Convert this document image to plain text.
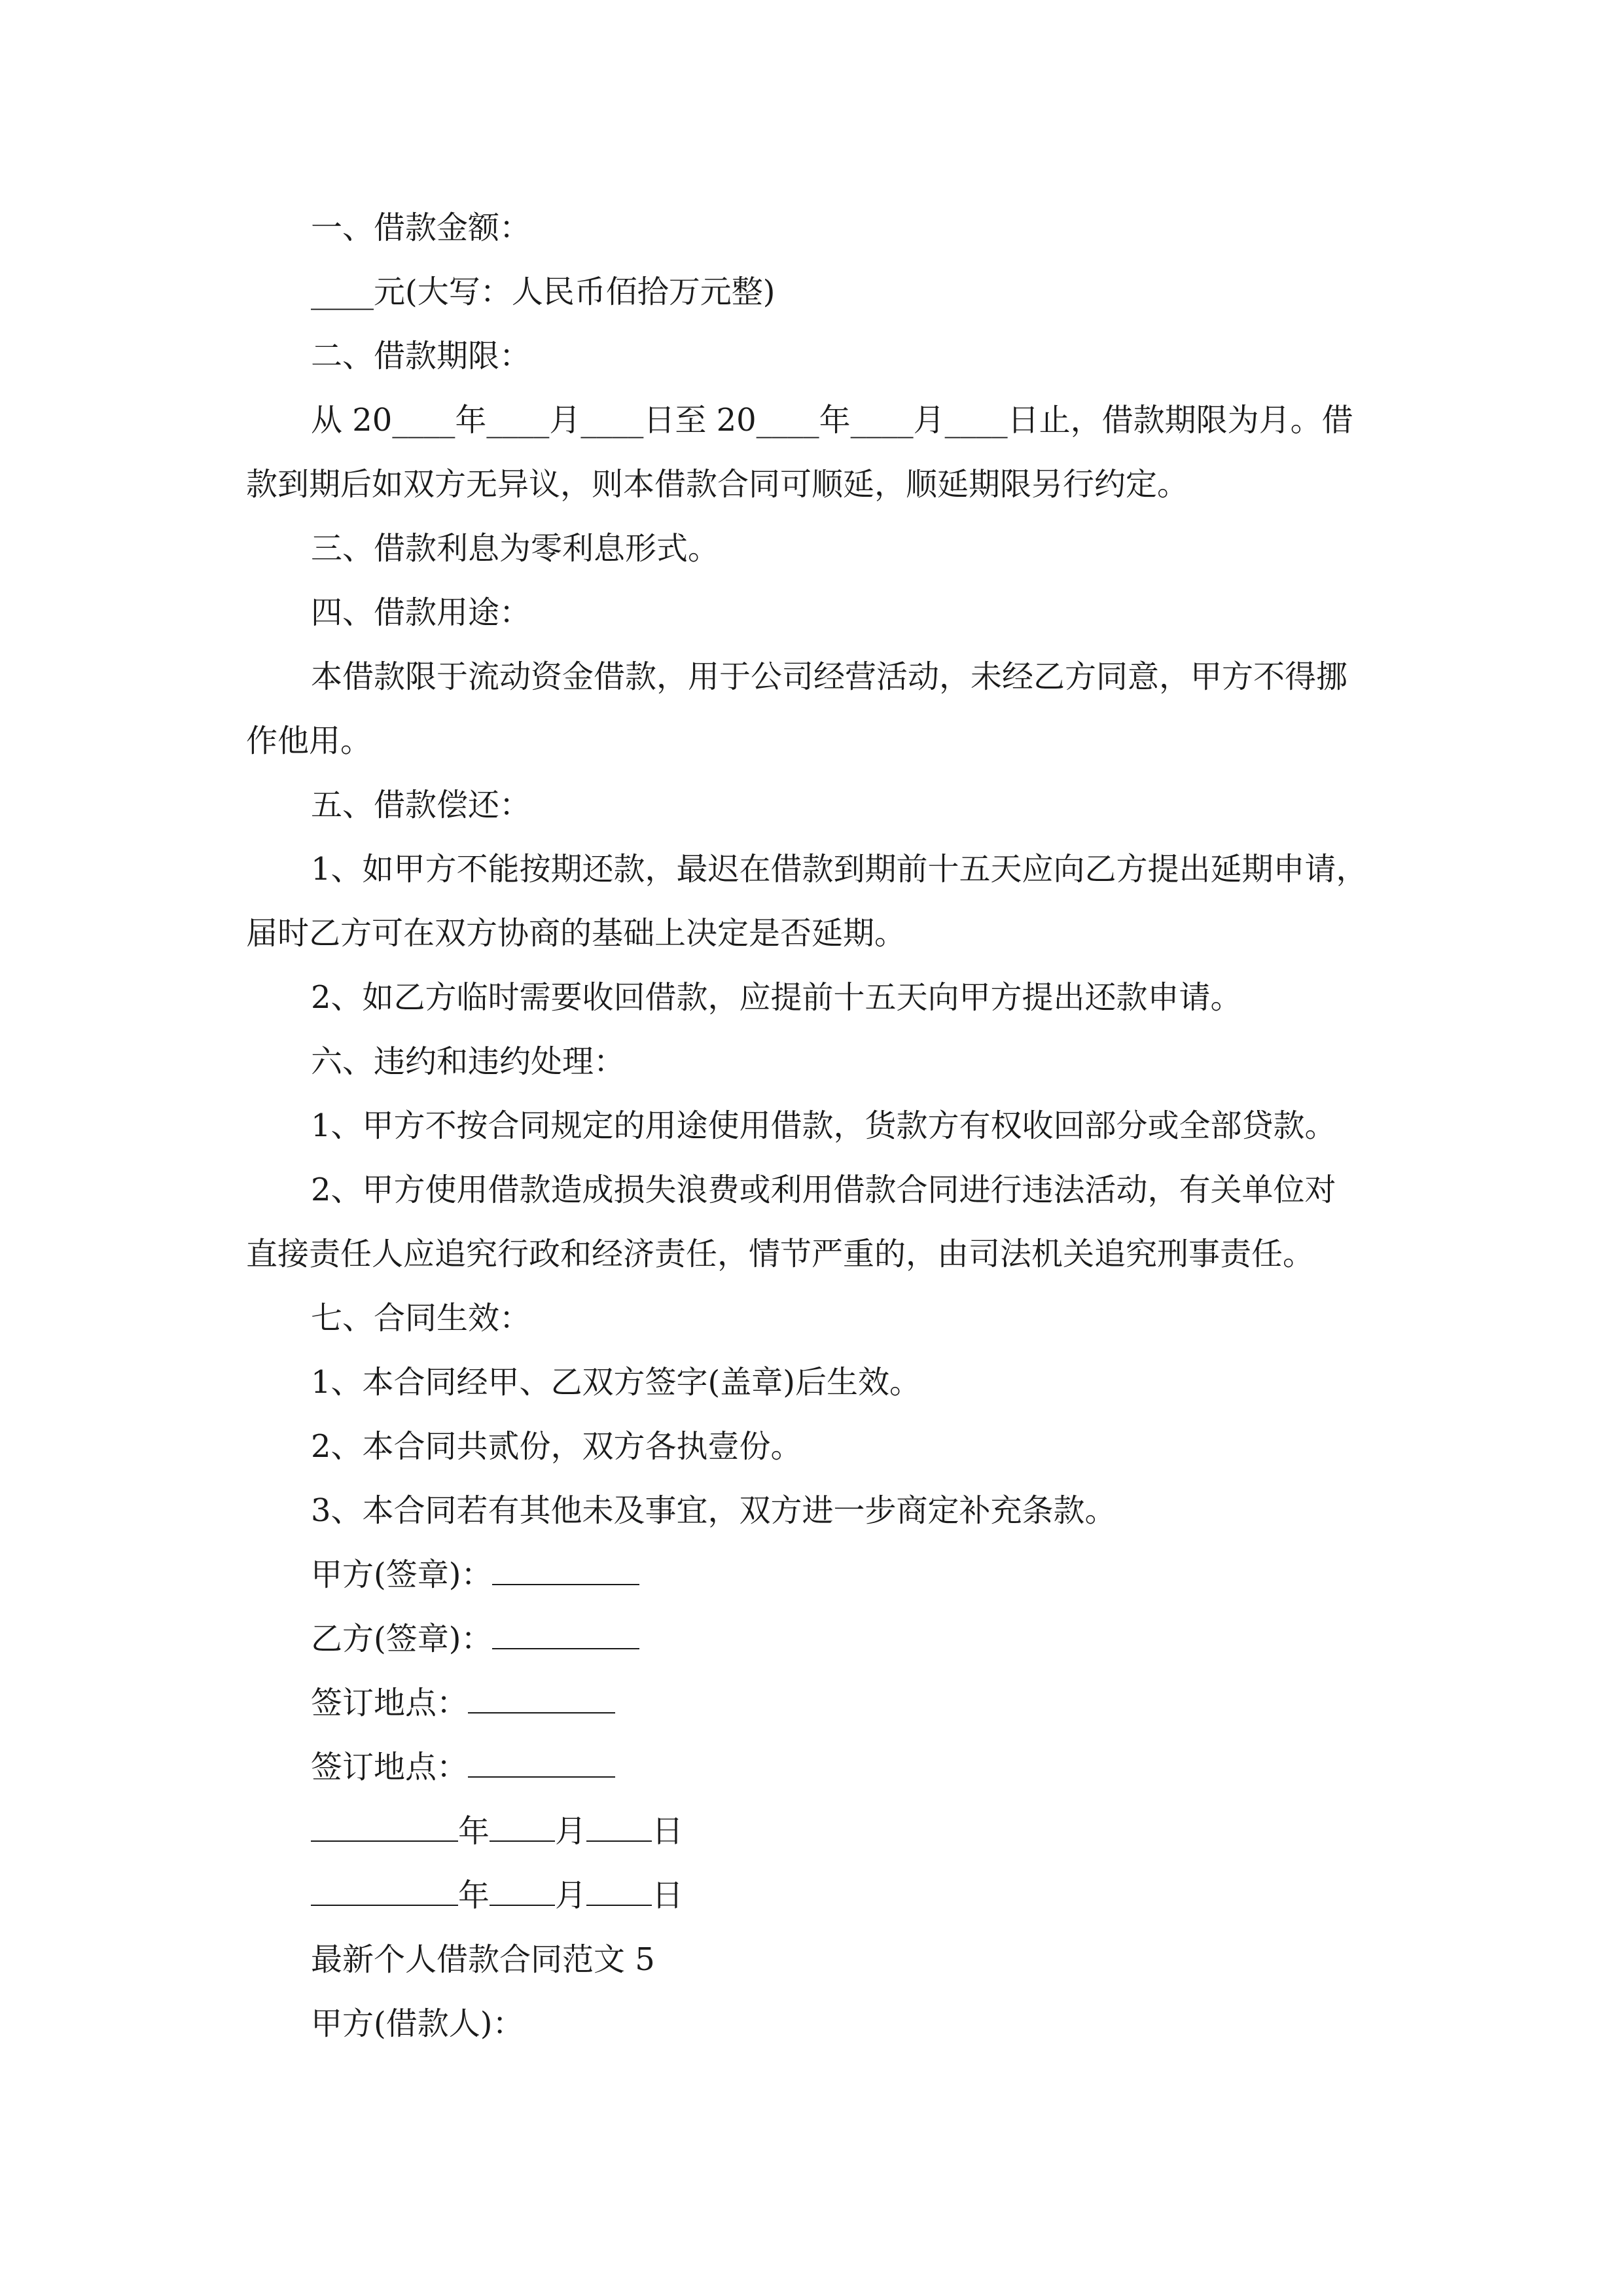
一、借款金额：
____元(大写：人民币佰拾万元整)
二、借款期限：
从 20____年____月____日至 20____年____月____日止，借款期限为月。借
款到期后如双方无异议，则本借款合同可顺延，顺延期限另行约定。
三、借款利息为零利息形式。
四、借款用途：
本借款限于流动资金借款，用于公司经营活动，未经乙方同意，甲方不得挪
作他用。
五、借款偿还：
1、如甲方不能按期还款，最迟在借款到期前十五天应向乙方提出延期申请，
届时乙方可在双方协商的基础上决定是否延期。
2、如乙方临时需要收回借款，应提前十五天向甲方提出还款申请。
六、违约和违约处理：
1、甲方不按合同规定的用途使用借款，货款方有权收回部分或全部贷款。
2、甲方使用借款造成损失浪费或利用借款合同进行违法活动，有关单位对
直接责任人应追究行政和经济责任，情节严重的，由司法机关追究刑事责任。
七、合同生效：
1、本合同经甲、乙双方签字(盖章)后生效。
2、本合同共贰份，双方各执壹份。
3、本合同若有其他未及事宜，双方进一步商定补充条款。
甲方(签章)：
乙方(签章)：
签订地点：
签订地点：
年 月 日
年 月 日
最新个人借款合同范文 5
甲方(借款人)：
